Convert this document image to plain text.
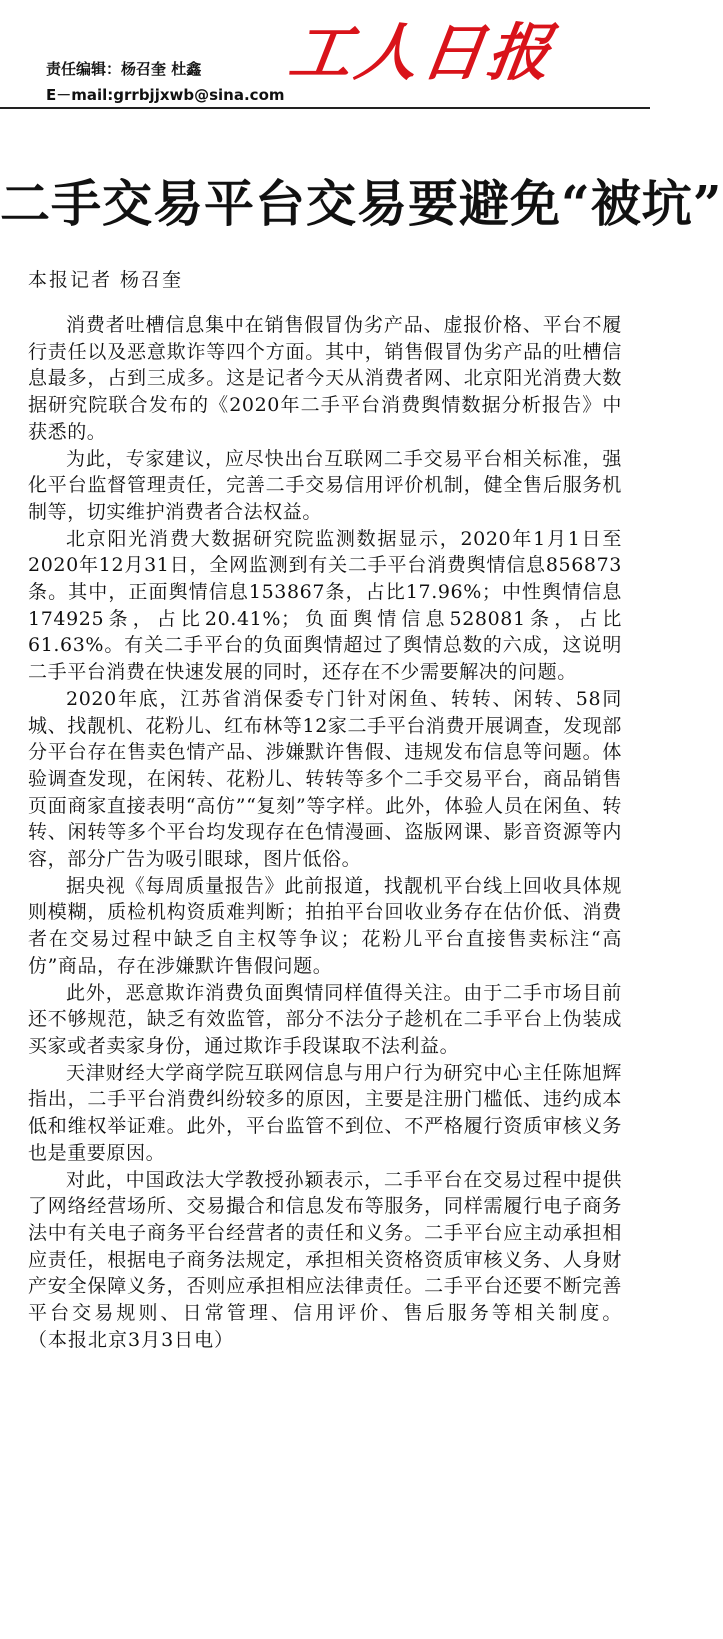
责任编辑：杨召奎 杜鑫
E－mail:grrbjjxwb@sina.com
工人日报
二手交易平台交易要避免“被坑”
本报记者 杨召奎

消费者吐槽信息集中在销售假冒伪劣产品、虚报价格、平台不履行责任以及恶意欺诈等四个方面。其中，销售假冒伪劣产品的吐槽信息最多，占到三成多。这是记者今天从消费者网、北京阳光消费大数据研究院联合发布的《2020年二手平台消费舆情数据分析报告》中获悉的。

为此，专家建议，应尽快出台互联网二手交易平台相关标准，强化平台监督管理责任，完善二手交易信用评价机制，健全售后服务机制等，切实维护消费者合法权益。

北京阳光消费大数据研究院监测数据显示，2020年1月1日至2020年12月31日，全网监测到有关二手平台消费舆情信息856873条。其中，正面舆情信息153867条，占比17.96%；中性舆情信息174925条，占比20.41%；负面舆情信息528081条，占比61.63%。有关二手平台的负面舆情超过了舆情总数的六成，这说明二手平台消费在快速发展的同时，还存在不少需要解决的问题。

2020年底，江苏省消保委专门针对闲鱼、转转、闲转、58同城、找靓机、花粉儿、红布林等12家二手平台消费开展调查，发现部分平台存在售卖色情产品、涉嫌默许售假、违规发布信息等问题。体验调查发现，在闲转、花粉儿、转转等多个二手交易平台，商品销售页面商家直接表明“高仿”“复刻”等字样。此外，体验人员在闲鱼、转转、闲转等多个平台均发现存在色情漫画、盗版网课、影音资源等内容，部分广告为吸引眼球，图片低俗。

据央视《每周质量报告》此前报道，找靓机平台线上回收具体规则模糊，质检机构资质难判断；拍拍平台回收业务存在估价低、消费者在交易过程中缺乏自主权等争议；花粉儿平台直接售卖标注“高仿”商品，存在涉嫌默许售假问题。

此外，恶意欺诈消费负面舆情同样值得关注。由于二手市场目前还不够规范，缺乏有效监管，部分不法分子趁机在二手平台上伪装成买家或者卖家身份，通过欺诈手段谋取不法利益。

天津财经大学商学院互联网信息与用户行为研究中心主任陈旭辉指出，二手平台消费纠纷较多的原因，主要是注册门槛低、违约成本低和维权举证难。此外，平台监管不到位、不严格履行资质审核义务也是重要原因。

对此，中国政法大学教授孙颖表示，二手平台在交易过程中提供了网络经营场所、交易撮合和信息发布等服务，同样需履行电子商务法中有关电子商务平台经营者的责任和义务。二手平台应主动承担相应责任，根据电子商务法规定，承担相关资格资质审核义务、人身财产安全保障义务，否则应承担相应法律责任。二手平台还要不断完善平台交易规则、日常管理、信用评价、售后服务等相关制度。 （本报北京3月3日电）
